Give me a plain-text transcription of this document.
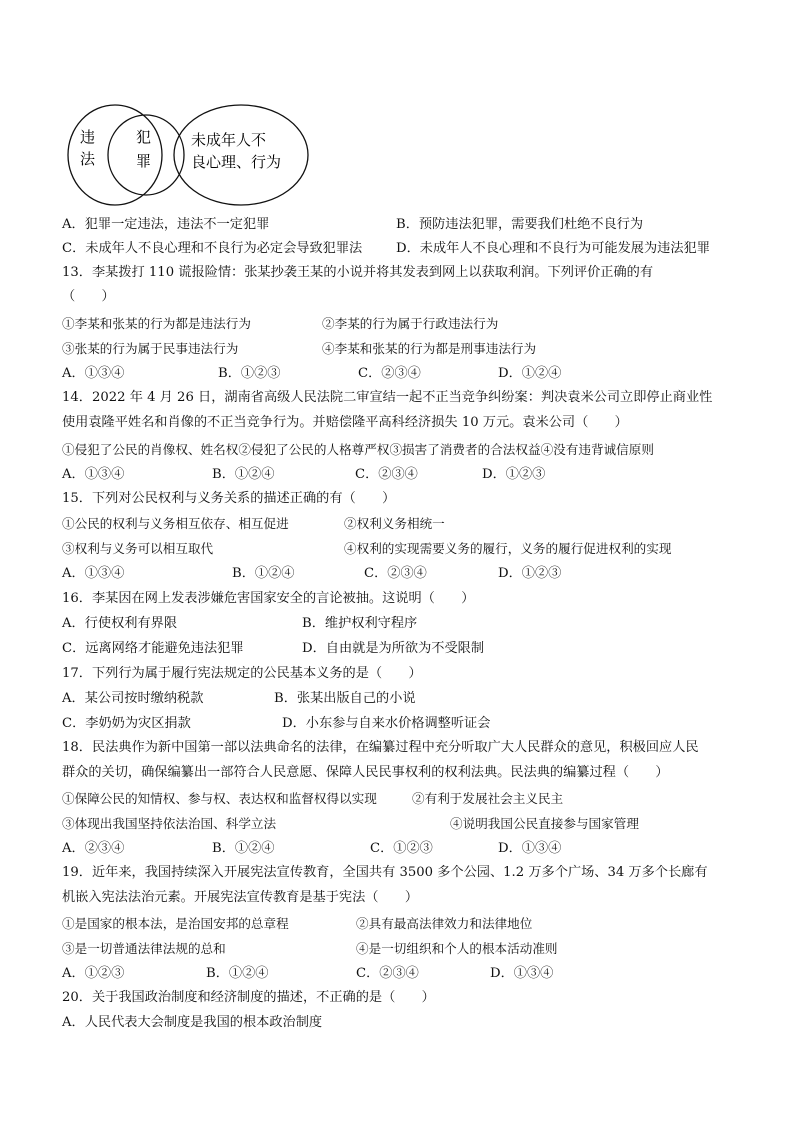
违
法
犯
罪
未成年人不
良心理、行为
A．犯罪一定违法，违法不一定犯罪	B．预防违法犯罪，需要我们杜绝不良行为
C．未成年人不良心理和不良行为必定会导致犯罪法	D．未成年人不良心理和不良行为可能发展为违法犯罪
13．李某拨打 110 谎报险情：张某抄袭王某的小说并将其发表到网上以获取利润。下列评价正确的有
（　　）
①李某和张某的行为都是违法行为	②李某的行为属于行政违法行为
③张某的行为属于民事违法行为	④李某和张某的行为都是刑事违法行为
A．①③④	B．①②③	C．②③④	D．①②④
14．2022 年 4 月 26 日，湖南省高级人民法院二审宣结一起不正当竞争纠纷案：判决袁米公司立即停止商业性
使用袁隆平姓名和肖像的不正当竞争行为。并赔偿隆平高科经济损失 10 万元。袁米公司（　　）
①侵犯了公民的肖像权、姓名权②侵犯了公民的人格尊严权③损害了消费者的合法权益④没有违背诚信原则
A．①③④	B．①②④	C．②③④	D．①②③
15．下列对公民权利与义务关系的描述正确的有（　　）
①公民的权利与义务相互依存、相互促进	②权利义务相统一
③权利与义务可以相互取代	④权利的实现需要义务的履行，义务的履行促进权利的实现
A．①③④	B．①②④	C．②③④	D．①②③
16．李某因在网上发表涉嫌危害国家安全的言论被抽。这说明（　　）
A．行使权利有界限	B．维护权利守程序
C．远离网络才能避免违法犯罪	D．自由就是为所欲为不受限制
17．下列行为属于履行宪法规定的公民基本义务的是（　　）
A．某公司按时缴纳税款	B．张某出版自己的小说
C．李奶奶为灾区捐款	D．小东参与自来水价格调整听证会
18．民法典作为新中国第一部以法典命名的法律，在编纂过程中充分听取广大人民群众的意见，积极回应人民
群众的关切，确保编纂出一部符合人民意愿、保障人民民事权利的权利法典。民法典的编纂过程（　　）
①保障公民的知情权、参与权、表达权和监督权得以实现	②有利于发展社会主义民主
③体现出我国坚持依法治国、科学立法	④说明我国公民直接参与国家管理
A．②③④	B．①②④	C．①②③	D．①③④
19．近年来，我国持续深入开展宪法宣传教育，全国共有 3500 多个公园、1.2 万多个广场、34 万多个长廊有
机嵌入宪法法治元素。开展宪法宣传教育是基于宪法（　　）
①是国家的根本法，是治国安邦的总章程	②具有最高法律效力和法律地位
③是一切普通法律法规的总和	④是一切组织和个人的根本活动准则
A．①②③	B．①②④	C．②③④	D．①③④
20．关于我国政治制度和经济制度的描述，不正确的是（　　）
A．人民代表大会制度是我国的根本政治制度
